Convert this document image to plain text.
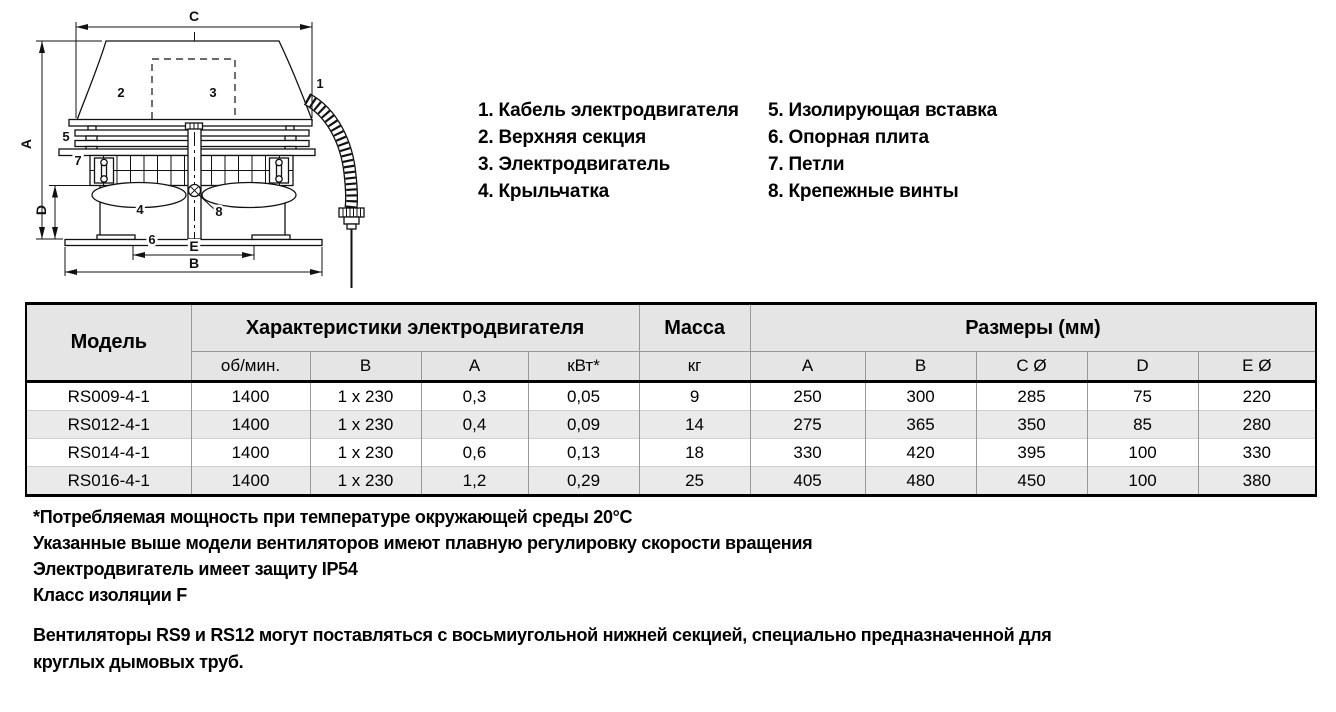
C
A
D
E
B
1
2	3
4
5
6
7
8
1. Кабель электродвигателя
2. Верхняя секция
3. Электродвигатель
4. Крыльчатка
5. Изолирующая вставка
6. Опорная плита
7. Петли
8. Крепежные винты
Модель	Характеристики электродвигателя				Масса	Размеры (мм)				
	об/мин.	В	А	кВт*	кг	A	B	C Ø	D	E Ø
RS009-4-1	1400	1 x 230	0,3	0,05	9	250	300	285	75	220
RS012-4-1	1400	1 x 230	0,4	0,09	14	275	365	350	85	280
RS014-4-1	1400	1 x 230	0,6	0,13	18	330	420	395	100	330
RS016-4-1	1400	1 x 230	1,2	0,29	25	405	480	450	100	380

*Потребляемая мощность при температуре окружающей среды 20°С

Указанные выше модели вентиляторов имеют плавную регулировку скорости вращения

Электродвигатель имеет защиту IP54

Класс изоляции F

Вентиляторы RS9 и RS12 могут поставляться с восьмиугольной нижней секцией, специально предназначенной для круглых дымовых труб.
